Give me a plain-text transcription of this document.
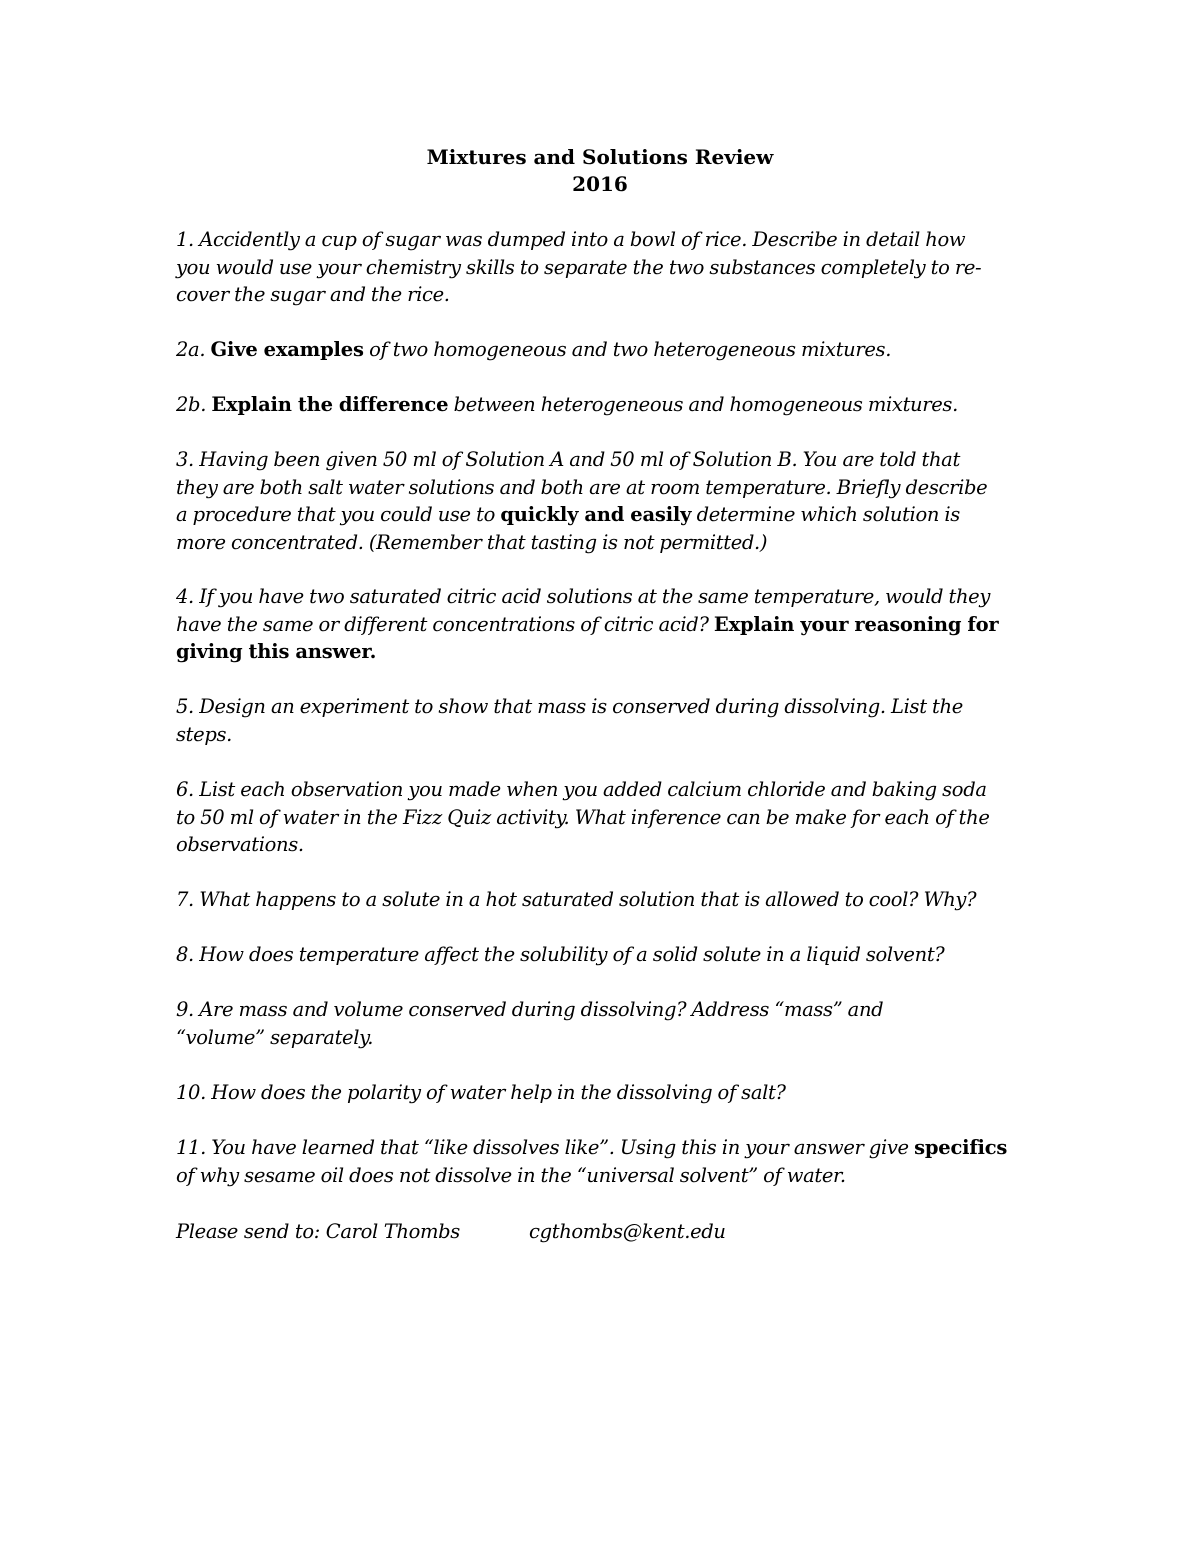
Mixtures and Solutions Review
2016
1. Accidently a cup of sugar was dumped into a bowl of rice. Describe in detail how
you would use your chemistry skills to separate the two substances completely to re-
cover the sugar and the rice.
2a. Give examples of two homogeneous and two heterogeneous mixtures.
2b. Explain the difference between heterogeneous and homogeneous mixtures.
3. Having been given 50 ml of Solution A and 50 ml of Solution B. You are told that
they are both salt water solutions and both are at room temperature. Briefly describe
a procedure that you could use to quickly and easily determine which solution is
more concentrated. (Remember that tasting is not permitted.)
4. If you have two saturated citric acid solutions at the same temperature, would they
have the same or different concentrations of citric acid? Explain your reasoning for
giving this answer.
5. Design an experiment to show that mass is conserved during dissolving. List the
steps.
6. List each observation you made when you added calcium chloride and baking soda
to 50 ml of water in the Fizz Quiz activity. What inference can be make for each of the
observations.
7. What happens to a solute in a hot saturated solution that is allowed to cool? Why?
8. How does temperature affect the solubility of a solid solute in a liquid solvent?
9. Are mass and volume conserved during dissolving? Address “mass” and
“volume” separately.
10. How does the polarity of water help in the dissolving of salt?
11. You have learned that “like dissolves like”. Using this in your answer give specifics
of why sesame oil does not dissolve in the “universal solvent” of water.
Please send to: Carol Thombs	cgthombs@kent.edu
